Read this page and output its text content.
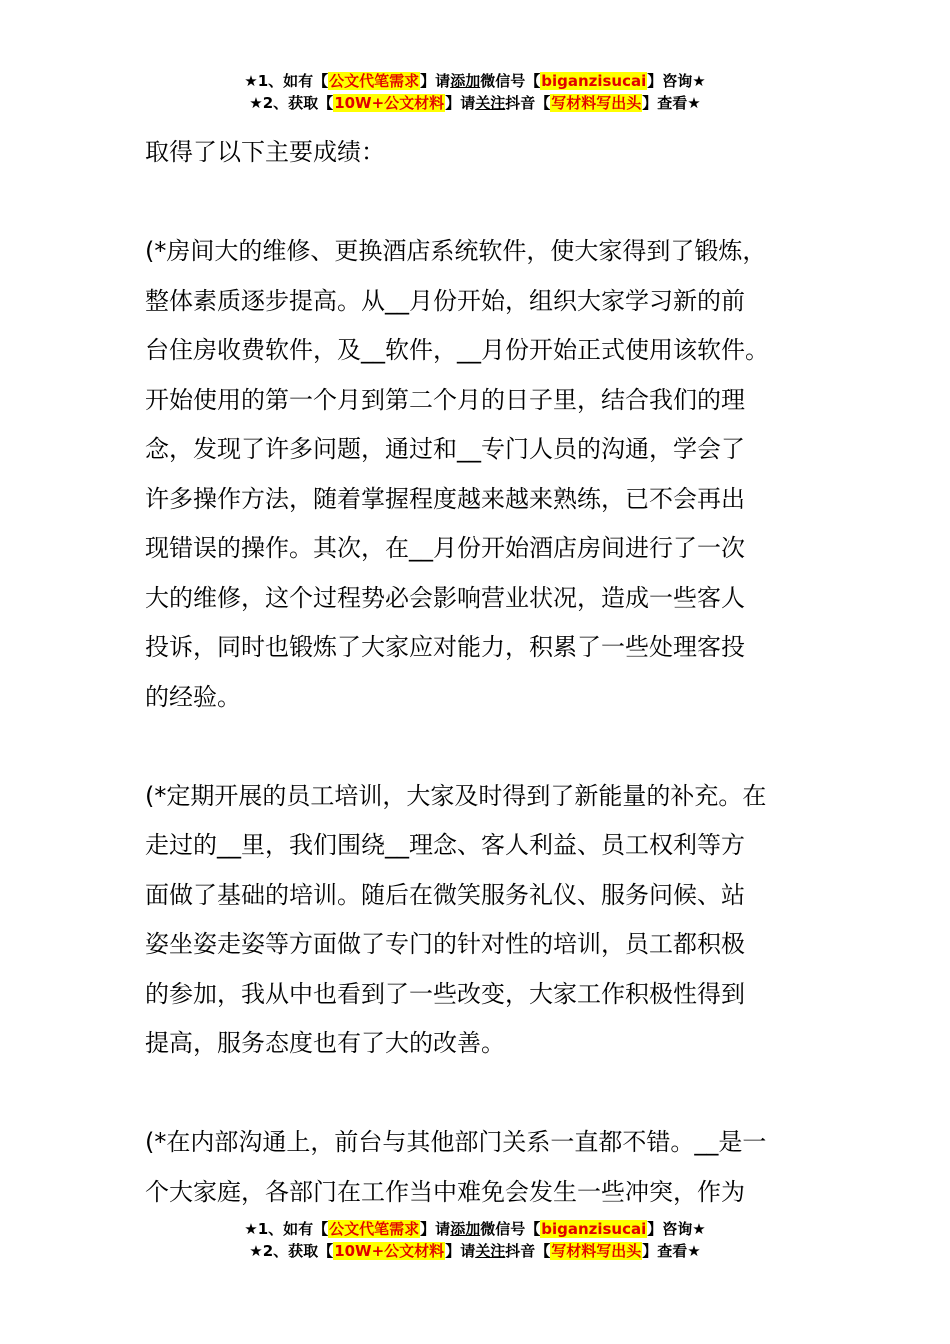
★1、如有【公文代笔需求】请添加微信号【biganzisucai】咨询★
★2、获取【10W+公文材料】请关注抖音【写材料写出头】查看★

取得了以下主要成绩：

(*房间大的维修、更换酒店系统软件，使大家得到了锻炼，

整体素质逐步提高。从__月份开始，组织大家学习新的前

台住房收费软件，及__软件，__月份开始正式使用该软件。

开始使用的第一个月到第二个月的日子里，结合我们的理

念，发现了许多问题，通过和__专门人员的沟通，学会了

许多操作方法，随着掌握程度越来越来熟练，已不会再出

现错误的操作。其次，在__月份开始酒店房间进行了一次

大的维修，这个过程势必会影响营业状况，造成一些客人

投诉，同时也锻炼了大家应对能力，积累了一些处理客投

的经验。

(*定期开展的员工培训，大家及时得到了新能量的补充。在

走过的__里，我们围绕__理念、客人利益、员工权利等方

面做了基础的培训。随后在微笑服务礼仪、服务问候、站

姿坐姿走姿等方面做了专门的针对性的培训，员工都积极

的参加，我从中也看到了一些改变，大家工作积极性得到

提高，服务态度也有了大的改善。

(*在内部沟通上，前台与其他部门关系一直都不错。__是一

个大家庭，各部门在工作当中难免会发生一些冲突，作为

★1、如有【公文代笔需求】请添加微信号【biganzisucai】咨询★
★2、获取【10W+公文材料】请关注抖音【写材料写出头】查看★
